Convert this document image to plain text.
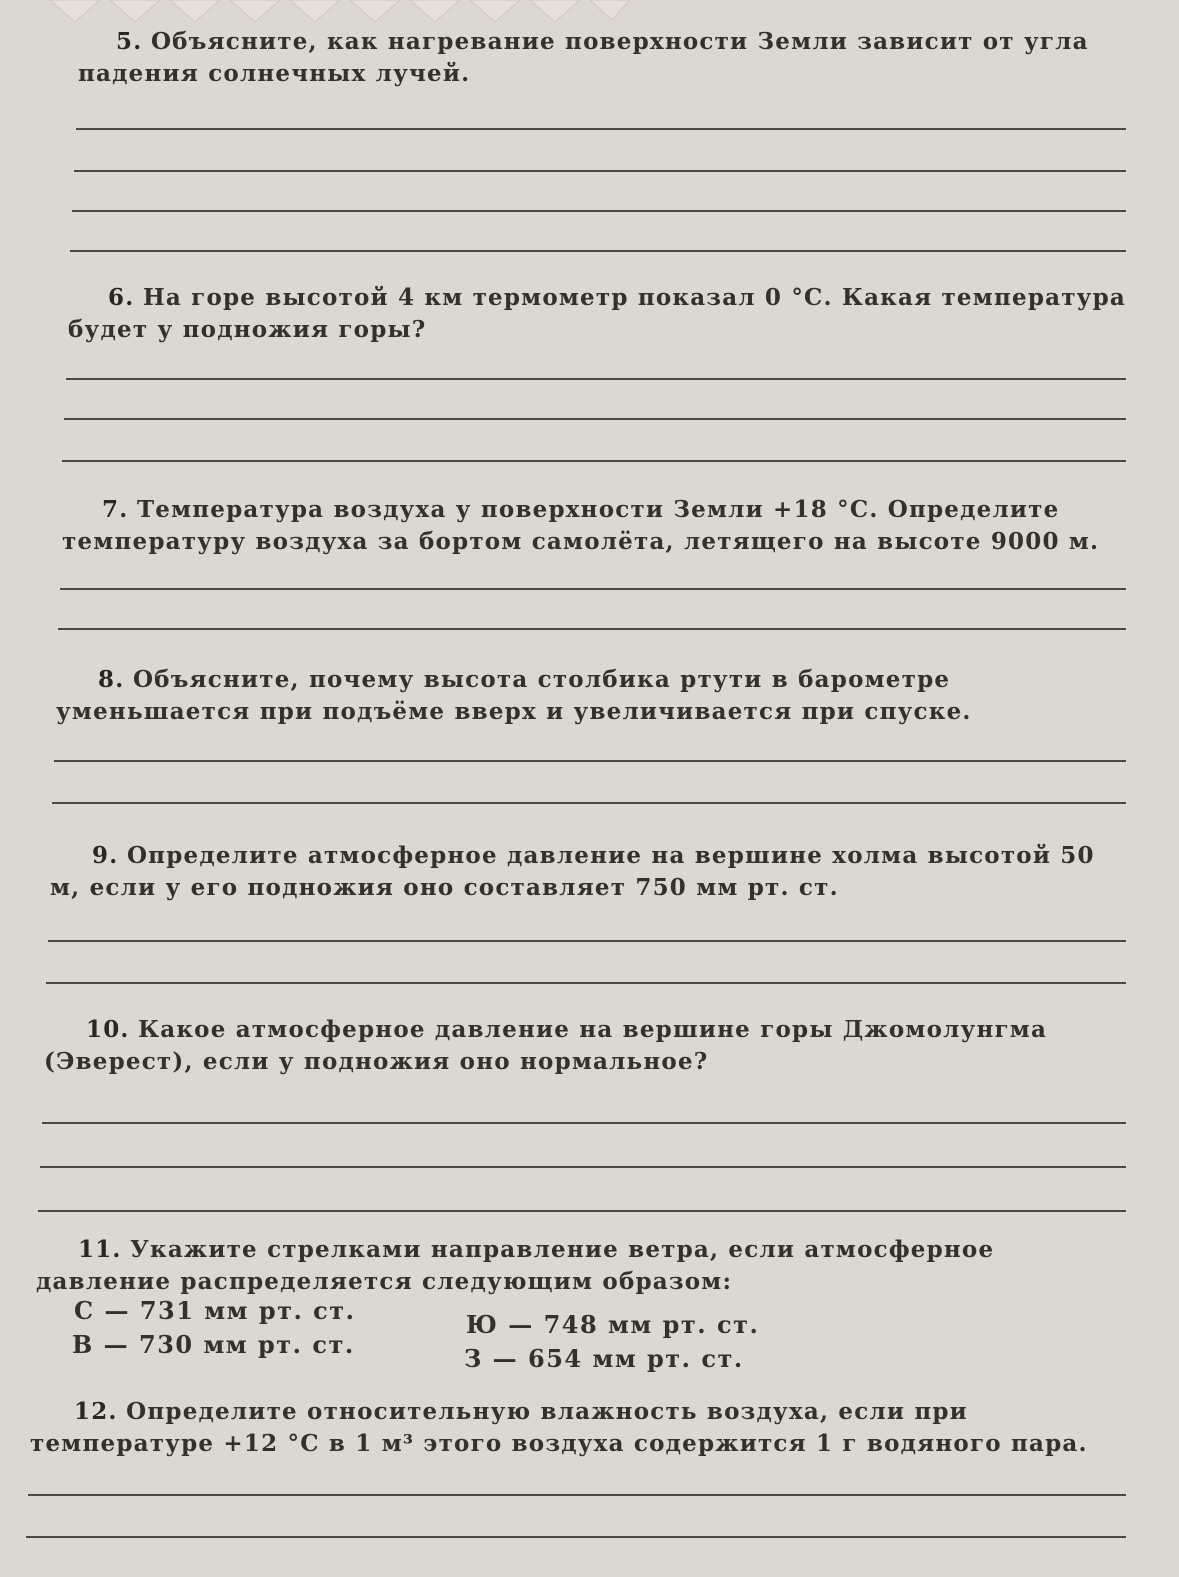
5. Объясните, как нагревание поверхности Земли зависит от угла падения солнечных лучей.

6. На горе высотой 4 км термометр показал 0 °С. Какая температура будет у подножия горы?

7. Температура воздуха у поверхности Земли +18 °С. Определите температуру воздуха за бортом самолёта, летящего на высоте 9000 м.

8. Объясните, почему высота столбика ртути в барометре уменьшается при подъёме вверх и увеличивается при спуске.

9. Определите атмосферное давление на вершине холма высотой 50 м, если у его подножия оно составляет 750 мм рт. ст.

10. Какое атмосферное давление на вершине горы Джомолунгма (Эверест), если у подножия оно нормальное?

11. Укажите стрелками направление ветра, если атмосферное давление распределяется следующим образом:

С — 731 мм рт. ст.
В — 730 мм рт. ст.
Ю — 748 мм рт. ст.
З — 654 мм рт. ст.

12. Определите относительную влажность воздуха, если при температуре +12 °С в 1 м³ этого воздуха содержится 1 г водяного пара.
